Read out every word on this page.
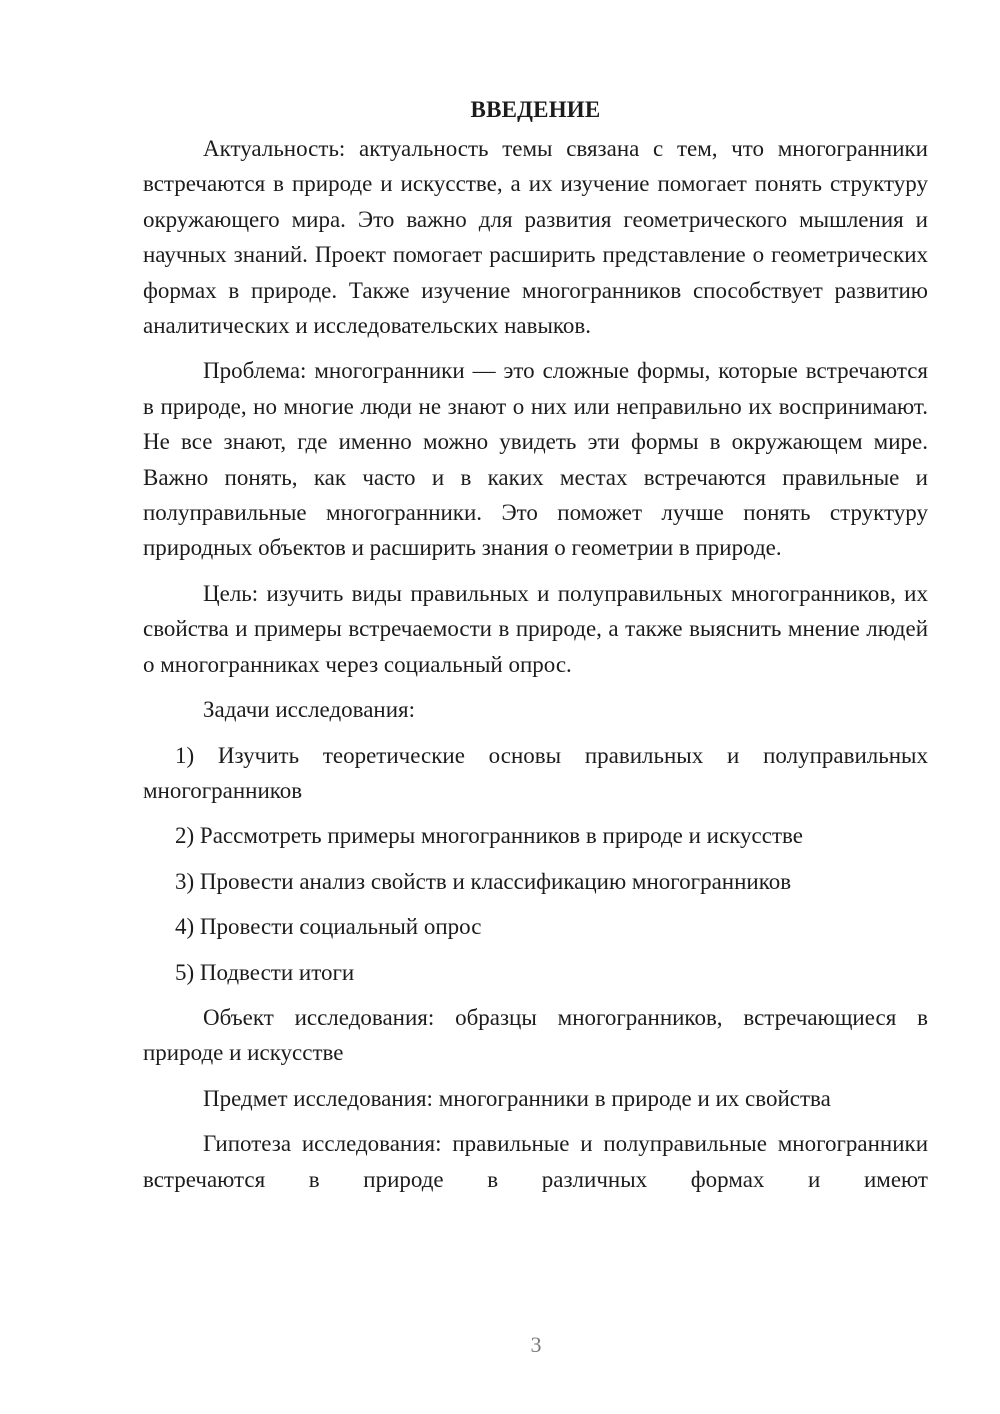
ВВЕДЕНИЕ

Актуальность: актуальность темы связана с тем, что многогранники встречаются в природе и искусстве, а их изучение помогает понять структуру окружающего мира. Это важно для развития геометрического мышления и научных знаний. Проект помогает расширить представление о геометрических формах в природе. Также изучение многогранников способствует развитию аналитических и исследовательских навыков.

Проблема: многогранники — это сложные формы, которые встречаются в природе, но многие люди не знают о них или неправильно их воспринимают. Не все знают, где именно можно увидеть эти формы в окружающем мире. Важно понять, как часто и в каких местах встречаются правильные и полуправильные многогранники. Это поможет лучше понять структуру природных объектов и расширить знания о геометрии в природе.

Цель: изучить виды правильных и полуправильных многогранников, их свойства и примеры встречаемости в природе, а также выяснить мнение людей о многогранниках через социальный опрос.

Задачи исследования:

1) Изучить теоретические основы правильных и полуправильных многогранников

2) Рассмотреть примеры многогранников в природе и искусстве

3) Провести анализ свойств и классификацию многогранников

4) Провести социальный опрос

5) Подвести итоги

Объект исследования: образцы многогранников, встречающиеся в природе и искусстве

Предмет исследования: многогранники в природе и их свойства

Гипотеза исследования: правильные и полуправильные многогранники встречаются в природе в различных формах и имеют

3
